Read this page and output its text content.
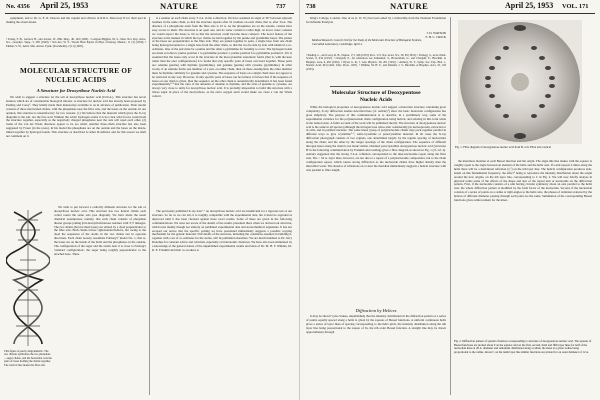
No. 4356 April 25, 1953	NATURE	737

equipment, and to Dr. G. E. R. Deacon and the captain and officers of R.R.S. Discovery II for their part in making the observations.

¹ Young, F. B., Gerrard, H., and Jevons, W., Phil. Mag., 40, 149 (1920). ² Longuet-Higgins, M. S., Mon. Not. Roy. Astro. Soc., Geophys. Supp., 5, 285 (1949). ³ Von Arx, W. S., Woods Hole Papers in Phys. Oceanog. Meteor., 11 (3) (1950). ⁴ Ekman, V. W., Arkiv. Mat. Astron. Fysik. (Stockholm), 2 (11) (1905).

MOLECULAR STRUCTURE OF
NUCLEIC ACIDS
A Structure for Deoxyribose Nucleic Acid

We wish to suggest a structure for the salt of deoxyribose nucleic acid (D.N.A.). This structure has novel features which are of considerable biological interest. A structure for nucleic acid has already been proposed by Pauling and Corey¹. They kindly made their manuscript available to us in advance of publication. Their model consists of three intertwined chains, with the phosphates near the fibre axis, and the bases on the outside. In our opinion, this structure is unsatisfactory for two reasons: (1) We believe that the material which gives the X-ray diagrams is the salt, not the free acid. Without the acidic hydrogen atoms it is not clear what forces would hold the structure together, especially as the negatively charged phosphates near the axis will repel each other. (2) Some of the van der Waals distances appear to be too small. Another three-chain structure has also been suggested by Fraser (in the press). In his model the phosphates are on the outside and the bases on the inside, linked together by hydrogen bonds. This structure as described is rather ill-defined, and for this reason we shall not comment on it.

This figure is purely diagrammatic. The two ribbons symbolize the two phosphate—sugar chains, and the horizontal rods the pairs of bases holding the chains together. The vertical line marks the fibre axis

We wish to put forward a radically different structure for the salt of deoxyribose nucleic acid. This structure has two helical chains each coiled round the same axis (see diagram). We have made the usual chemical assumptions, namely, that each chain consists of phosphate diester groups joining β-D-deoxyribofuranose residues with 3',5' linkages. The two chains (but not their bases) are related by a dyad perpendicular to the fibre axis. Both chains follow right-handed helices, but owing to the dyad the sequences of the atoms in the two chains run in opposite directions. Each chain loosely resembles Furberg's² model No. 1; that is, the bases are on the inside of the helix and the phosphates on the outside. The configuration of the sugar and the atoms near it is close to Furberg's 'standard configuration', the sugar being roughly perpendicular to the attached base. There

is a residue on each chain every 3·4 A. in the z-direction. We have assumed an angle of 36° between adjacent residues in the same chain, so that the structure repeats after 10 residues on each chain, that is, after 34 A. The distance of a phosphorus atom from the fibre axis is 10 A. As the phosphates are on the outside, cations have easy access to them. The structure is an open one, and its water content is rather high. At lower water contents we would expect the bases to tilt so that the structure could become more compact. The novel feature of the structure is the manner in which the two chains are held together by the purine and pyrimidine bases. The planes of the bases are perpendicular to the fibre axis. They are joined together in pairs, a single base from one chain being hydrogen-bonded to a single base from the other chain, so that the two lie side by side with identical z-co-ordinates. One of the pair must be a purine and the other a pyrimidine for bonding to occur. The hydrogen bonds are made as follows: purine position 1 to pyrimidine position 1; purine position 6 to pyrimidine position 6. If it is assumed that the bases only occur in the structure in the most plausible tautomeric forms (that is, with the keto rather than the enol configurations) it is found that only specific pairs of bases can bond together. These pairs are: adenine (purine) with thymine (pyrimidine), and guanine (purine) with cytosine (pyrimidine). In other words, if an adenine forms one member of a pair, on either chain, then on these assumptions the other member must be thymine; similarly for guanine and cytosine. The sequence of bases on a single chain does not appear to be restricted in any way. However, if only specific pairs of bases can be formed, it follows that if the sequence of bases on one chain is given, then the sequence on the other chain is automatically determined. It has been found experimentally³·⁴ that the ratio of the amounts of adenine to thymine, and the ratio of guanine to cytosine, are always very close to unity for deoxyribose nucleic acid. It is probably impossible to build this structure with a ribose sugar in place of the deoxyribose, as the extra oxygen atom would make too close a van der Waals contact.

The previously published X-ray data⁵·⁶ on deoxyribose nucleic acid are insufficient for a rigorous test of our structure. So far as we can tell, it is roughly compatible with the experimental data, but it must be regarded as unproved until it has been checked against more exact results. Some of these are given in the following communications. We were not aware of the details of the results presented there when we devised our structure, which rests mainly though not entirely on published experimental data and stereochemical arguments. It has not escaped our notice that the specific pairing we have postulated immediately suggests a possible copying mechanism for the genetic material. Full details of the structure, including the conditions assumed in building it, together with a set of co-ordinates for the atoms, will be published elsewhere. We are much indebted to Dr. Jerry Donohue for constant advice and criticism, especially on interatomic distances. We have also been stimulated by a knowledge of the general nature of the unpublished experimental results and ideas of Dr. M. H. F. Wilkins, Dr. R. E. Franklin and their co-workers at

738	NATURE	April 25, 1953 VOL. 171

King's College, London. One of us (J. D. W.) has been aided by a fellowship from the National Foundation for Infantile Paralysis.

J. D. WATSON
F. H. C. CRICK
Medical Research Council Unit for the Study of the Molecular Structure of Biological Systems, Cavendish Laboratory, Cambridge. April 2.

¹ Pauling, L., and Corey, R. B., Nature, 171, 346 (1953); Proc. U.S. Nat. Acad. Sci., 39, 84 (1953). ² Furberg, S., Acta Chem. Scand., 6, 634 (1952). ³ Chargaff, E., for references see Zamenhof, S., Brawerman, G., and Chargaff, E., Biochim. et Biophys. Acta, 9, 402 (1952). ⁴ Wyatt, G. R., J. Gen. Physiol., 36, 201 (1952). ⁵ Astbury, W. T., Symp. Soc. Exp. Biol. 1, Nucleic Acid, 66 (Camb. Univ. Press, 1947). ⁶ Wilkins, M. H. F., and Randall, J. T., Biochim. et Biophys. Acta, 10, 192 (1953).

Molecular Structure of Deoxypentose
Nucleic Acids

While the biological properties of deoxypentose nucleic acid suggest a molecular structure containing great complexity, X-ray diffraction studies described here (cf. Astbury¹) show the basic molecular configuration has great simplicity. The purpose of this communication is to describe, in a preliminary way, some of the experimental evidence for the polynucleotide chain configuration being helical, and existing in this form when in the natural state. A fuller account of the work will be published shortly. The structure of deoxypentose nucleic acid is the same in all species (although the nitrogen base ratios alter considerably) in nucleoprotein, extracted or in cells, and in purified nucleate. The same linear group of polynucleotide chains may pack together parallel in different ways to give crystalline¹⁻³, semi-crystalline or paracrystalline material. In all cases the X-ray diffraction photograph consists of two regions, one determined largely by the regular spacing of nucleotides along the chain, and the other by the longer spacings of the chain configuration. The sequence of different nitrogen bases along the chain is not made visible. Oriented paracrystalline deoxypentose nucleic acid ('structure B' in the following communication by Franklin and Gosling) gives a fibre diagram as shown in Fig. 1 (cf. ref. 4). Astbury suggested that the strong 3·4-A. reflexion corresponded to the inter-nucleotide repeat along the fibre axis. The ~ 34 A. layer lines, however, are not due to a repeat of a polynucleotide composition, but to the chain configuration repeat, which causes strong diffraction as the nucleotide chains have higher density than the interstitial water. The absence of reflexions on or near the meridian immediately suggests a helical structure with axis parallel to fibre length.

Diffraction by Helices

It may be shown⁵ (also Stokes, unpublished) that the intensity distribution in the diffraction pattern of a series of points equally spaced along a helix is given by the squares of Bessel functions. A uniform continuous helix gives a series of layer lines of spacing corresponding to the helix pitch, the intensity distribution along the nth layer line being proportional to the square of Jn, the nth order Bessel function. A straight line may be drawn approximately through

the innermost maxima of each Bessel function and the origin. The angle this line makes with the equator is roughly equal to the angle between an element of the helix and the helix axis. If a unit repeats n times along the helix there will be a meridional reflexion (J₀²) on the nth layer line. The helical configuration produces side-bands on this fundamental frequency, the effect⁵ being to reproduce the intensity distribution about the origin around the new origins, on the nth layer line, corresponding to C in Fig. 2. We will now briefly analyse in physical terms some of the effects of the shape and size of the repeat unit or nucleotide on the diffraction pattern. First, if the nucleotide consists of a unit having circular symmetry about an axis parallel to the helix axis, the whole diffraction pattern is modified by the form factor of the nucleotide. Second, if the nucleotide consists of a series of points on a radius at right-angles to the helix axis, the phases of radiation scattered by the helices of different diameter passing through each point are the same. Summation of the corresponding Bessel functions gives reinforcement for the inner-

Fig. 2. Diffraction pattern of system of helices corresponding to structure of deoxypentose nucleic acid. The squares of Bessel functions are plotted about 0 on the equator and on the first, second, third and fifth layer lines for half of the nucleotide mass at 20 A. diameter and remainder distributed along a radius, the mass at a given radius being proportional to the radius. About C on the tenth layer line similar functions are plotted for an outer diameter of 12 A.
Fig. 1. Fibre diagram of deoxypentose nucleic acid from B. coli. Fibre axis vertical
